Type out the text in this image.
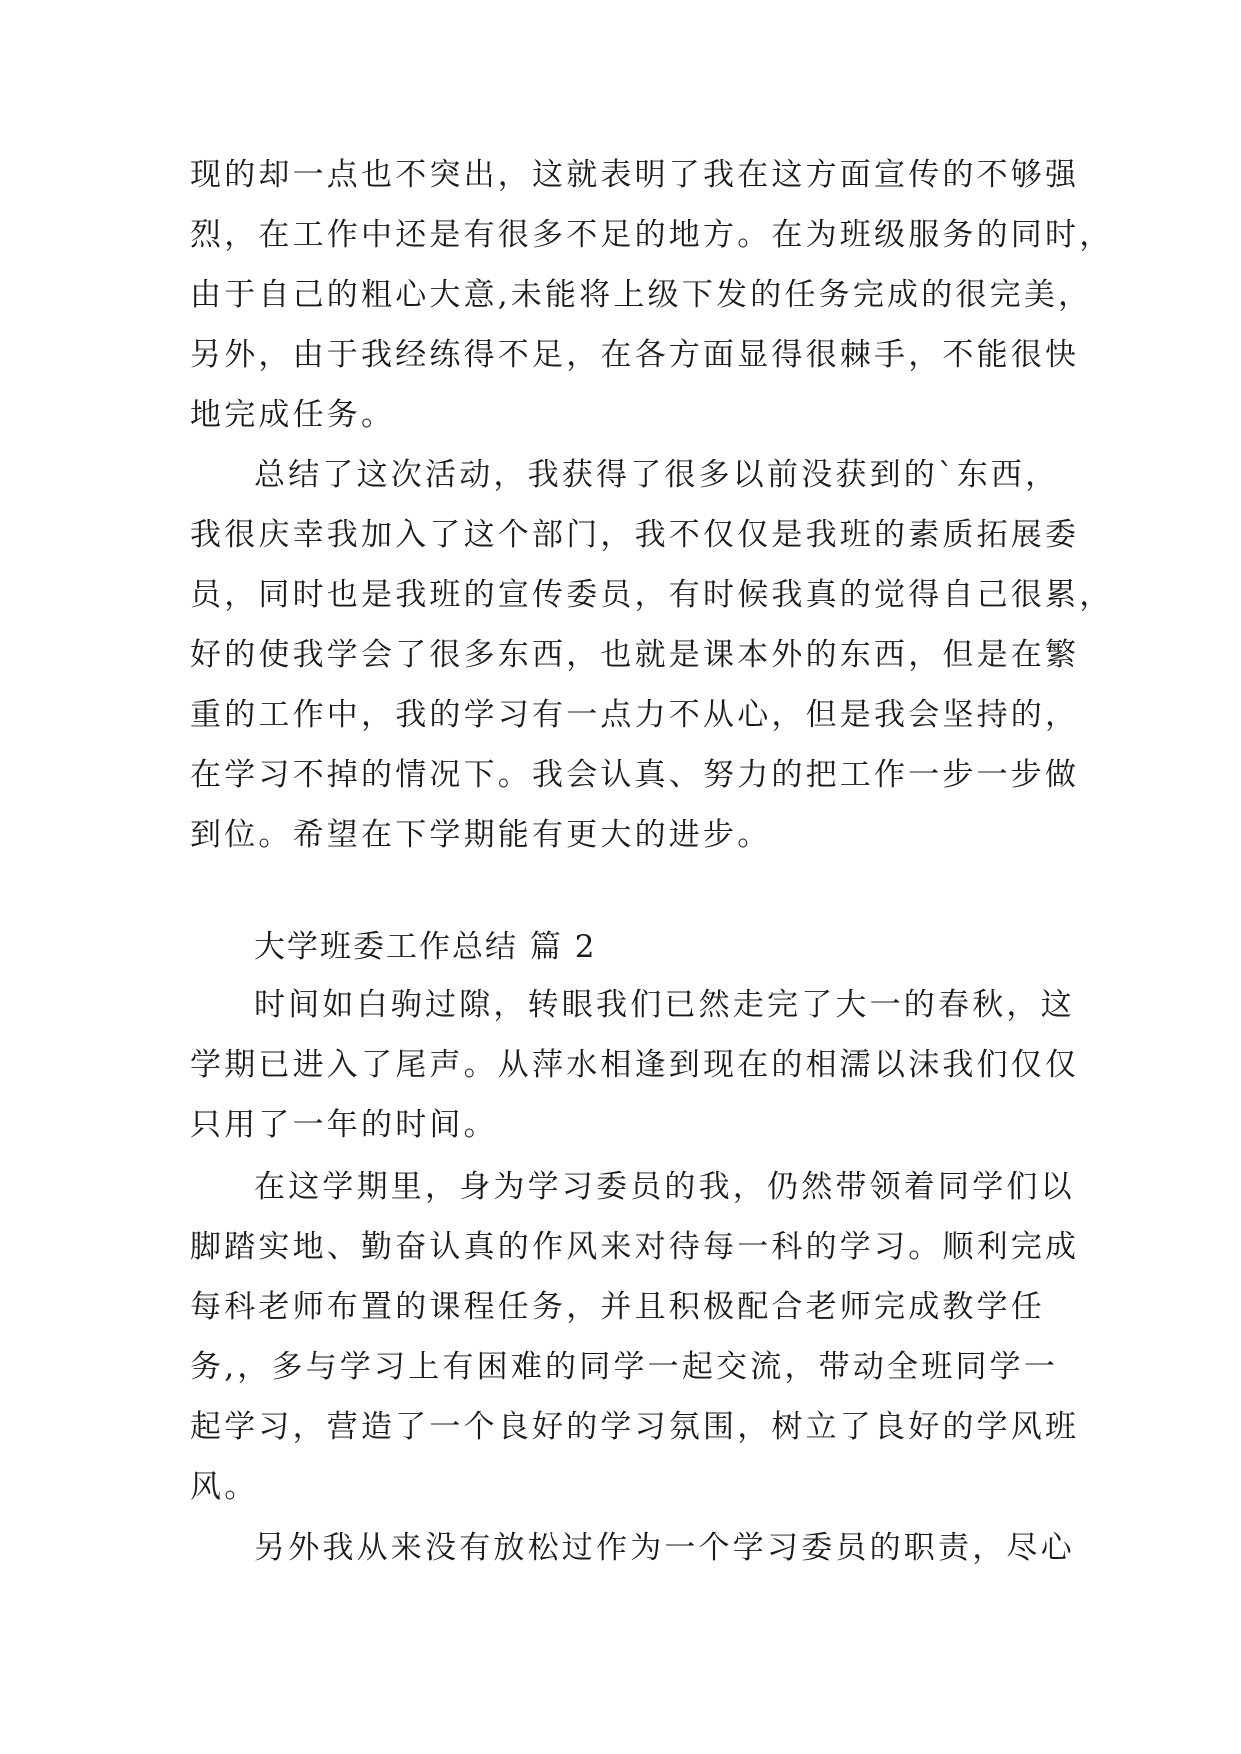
现的却一点也不突出，这就表明了我在这方面宣传的不够强
烈，在工作中还是有很多不足的地方。在为班级服务的同时，
由于自己的粗心大意,未能将上级下发的任务完成的很完美，
另外，由于我经练得不足，在各方面显得很棘手，不能很快
地完成任务。
总结了这次活动，我获得了很多以前没获到的`东西，
我很庆幸我加入了这个部门，我不仅仅是我班的素质拓展委
员，同时也是我班的宣传委员，有时候我真的觉得自己很累，
好的使我学会了很多东西，也就是课本外的东西，但是在繁
重的工作中，我的学习有一点力不从心，但是我会坚持的，
在学习不掉的情况下。我会认真、努力的把工作一步一步做
到位。希望在下学期能有更大的进步。
大学班委工作总结 篇 2
时间如白驹过隙，转眼我们已然走完了大一的春秋，这
学期已进入了尾声。从萍水相逢到现在的相濡以沫我们仅仅
只用了一年的时间。
在这学期里，身为学习委员的我，仍然带领着同学们以
脚踏实地、勤奋认真的作风来对待每一科的学习。顺利完成
每科老师布置的课程任务，并且积极配合老师完成教学任
务,，多与学习上有困难的同学一起交流，带动全班同学一
起学习，营造了一个良好的学习氛围，树立了良好的学风班
风。
另外我从来没有放松过作为一个学习委员的职责，尽心
